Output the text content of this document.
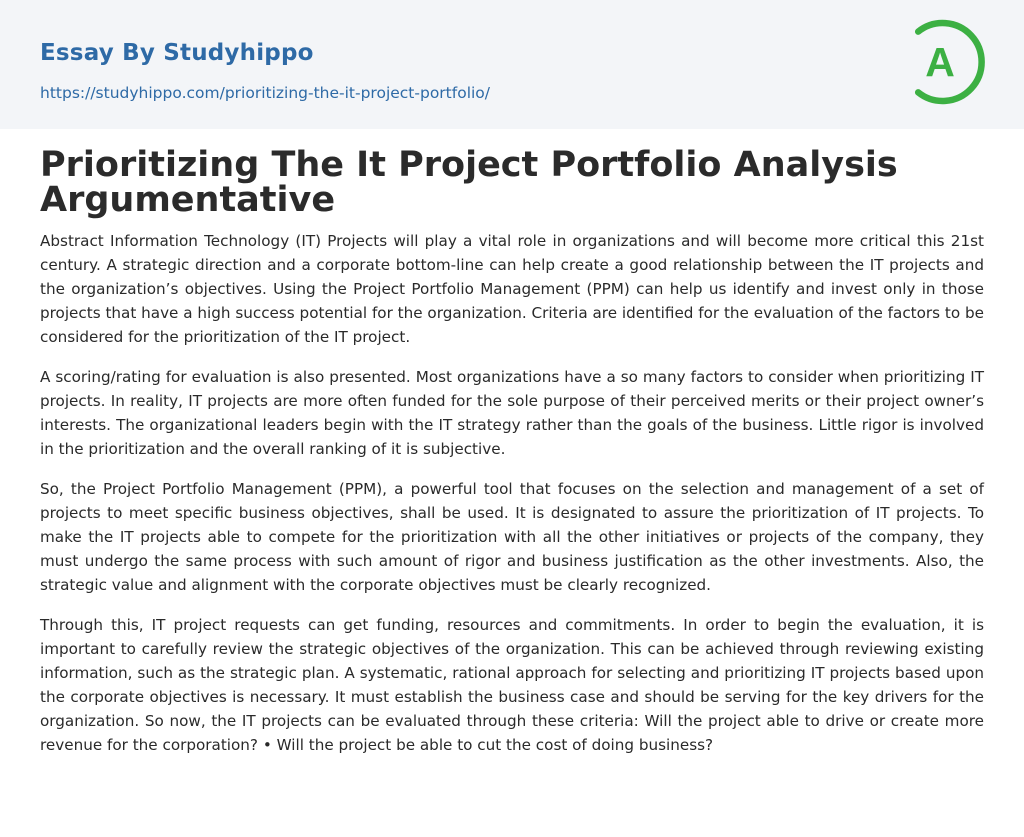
Essay By Studyhippo
https://studyhippo.com/prioritizing-the-it-project-portfolio/
A
Prioritizing The It Project Portfolio Analysis Argumentative

Abstract Information Technology (IT) Projects will play a vital role in organizations and will become more critical this 21st century. A strategic direction and a corporate bottom-line can help create a good relationship between the IT projects and the organization’s objectives. Using the Project Portfolio Management (PPM) can help us identify and invest only in those projects that have a high success potential for the organization. Criteria are identified for the evaluation of the factors to be considered for the prioritization of the IT project.

A scoring/rating for evaluation is also presented. Most organizations have a so many factors to consider when prioritizing IT projects. In reality, IT projects are more often funded for the sole purpose of their perceived merits or their project owner’s interests. The organizational leaders begin with the IT strategy rather than the goals of the business. Little rigor is involved in the prioritization and the overall ranking of it is subjective.

So, the Project Portfolio Management (PPM), a powerful tool that focuses on the selection and management of a set of projects to meet specific business objectives, shall be used. It is designated to assure the prioritization of IT projects. To make the IT projects able to compete for the prioritization with all the other initiatives or projects of the company, they must undergo the same process with such amount of rigor and business justification as the other investments. Also, the strategic value and alignment with the corporate objectives must be clearly recognized.

Through this, IT project requests can get funding, resources and commitments. In order to begin the evaluation, it is important to carefully review the strategic objectives of the organization. This can be achieved through reviewing existing information, such as the strategic plan. A systematic, rational approach for selecting and prioritizing IT projects based upon the corporate objectives is necessary. It must establish the business case and should be serving for the key drivers for the organization. So now, the IT projects can be evaluated through these criteria: Will the project able to drive or create more revenue for the corporation? • Will the project be able to cut the cost of doing business?
